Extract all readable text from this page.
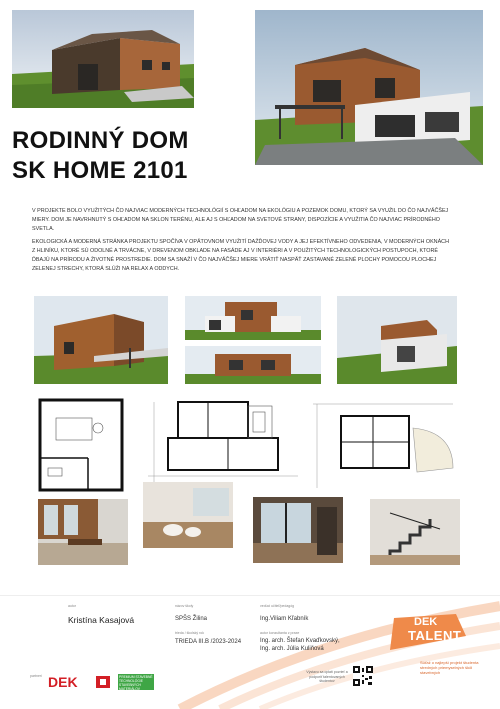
RODINNÝ DOM
SK HOME 2101
V PROJEKTE BOLO VYUŽITÝCH ČO NAJVIAC MODERNÝCH TECHNOLÓGIÍ S OHĽADOM NA EKOLÓGIU A POZEMOK DOMU, KTORÝ SA VYUŽIL DO ČO NAJVÄČŠEJ MIERY. DOM JE NAVRHNUTÝ S OHĽADOM NA SKLON TERÉNU, ALE AJ S OHĽADOM NA SVETOVÉ STRANY, DISPOZÍCIE A VYUŽITIA ČO NAJVIAC PRÍRODNÉHO SVETLA.
EKOLOGICKÁ A MODERNÁ STRÁNKA PROJEKTU SPOČÍVA V OPÄTOVNOM VYUŽITÍ DAŽĎOVEJ VODY A JEJ EFEKTÍVNEHO ODVEDENIA, V MODERNÝCH OKNÁCH Z HLINÍKU, KTORÉ SÚ ODOLNÉ A TRVÁCNE, V DREVENOM OBKLADE NA FASÁDE AJ V INTERIÉRI A V POUŽITÝCH TECHNOLOGICKÝCH POSTUPOCH, KTORÉ ĎBAJÚ NA PRÍRODU A ŽIVOTNÉ PROSTREDIE. DOM SA SNAŽÍ V ČO NAJVÄČŠEJ MIERE VRÁTIŤ NASPÄŤ ZASTAVANÉ ZELENÉ PLOCHY POMOCOU PLOCHEJ ZELENEJ STRECHY, KTORÁ SLÚŽI NA RELAX A ODDYCH.
autor
Kristína Kasajová
názov školy
SPŠS Žilina
trieda / školský rok
TRIEDA III.B /2023-2024
vedúci učiteľ/pedagóg
Ing.Viliam Kľabník
autor konzultanta z praxe
Ing. arch. Štefan Kvaďkovský,
Ing. arch. Júlia Kuliňová
DEK
TALENT
Súťaž o najlepší projekt študenta stredných priemyselných škôl stavebných
partneri DEK	PREMIUM STAVEBNÉ TECHNOLÓGIE STAVEBNÝCH MATERIÁLOV
Výstavu sa oplatí pozrieť a podporiť talentovaných študentov
